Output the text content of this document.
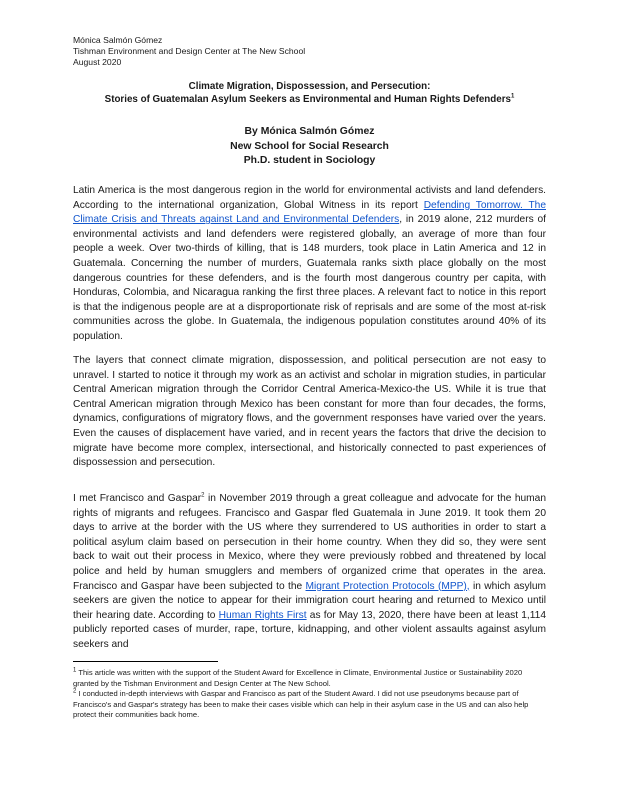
Mónica Salmón Gómez
Tishman Environment and Design Center at The New School
August 2020
Climate Migration, Dispossession, and Persecution:
Stories of Guatemalan Asylum Seekers as Environmental and Human Rights Defenders$^1$
By Mónica Salmón Gómez
New School for Social Research
Ph.D. student in Sociology

Latin America is the most dangerous region in the world for environmental activists and land defenders. According to the international organization, Global Witness in its report Defending Tomorrow. The Climate Crisis and Threats against Land and Environmental Defenders, in 2019 alone, 212 murders of environmental activists and land defenders were registered globally, an average of more than four people a week. Over two-thirds of killing, that is 148 murders, took place in Latin America and 12 in Guatemala. Concerning the number of murders, Guatemala ranks sixth place globally on the most dangerous countries for these defenders, and is the fourth most dangerous country per capita, with Honduras, Colombia, and Nicaragua ranking the first three places. A relevant fact to notice in this report is that the indigenous people are at a disproportionate risk of reprisals and are some of the most at-risk communities across the globe. In Guatemala, the indigenous population constitutes around 40% of its population.

The layers that connect climate migration, dispossession, and political persecution are not easy to unravel. I started to notice it through my work as an activist and scholar in migration studies, in particular Central American migration through the Corridor Central America-Mexico-the US. While it is true that Central American migration through Mexico has been constant for more than four decades, the forms, dynamics, configurations of migratory flows, and the government responses have varied over the years. Even the causes of displacement have varied, and in recent years the factors that drive the decision to migrate have become more complex, intersectional, and historically connected to past experiences of dispossession and persecution.

I met Francisco and Gaspar$^2$ in November 2019 through a great colleague and advocate for the human rights of migrants and refugees. Francisco and Gaspar fled Guatemala in June 2019. It took them 20 days to arrive at the border with the US where they surrendered to US authorities in order to start a political asylum claim based on persecution in their home country. When they did so, they were sent back to wait out their process in Mexico, where they were previously robbed and threatened by local police and held by human smugglers and members of organized crime that operates in the area. Francisco and Gaspar have been subjected to the Migrant Protection Protocols (MPP), in which asylum seekers are given the notice to appear for their immigration court hearing and returned to Mexico until their hearing date. According to Human Rights First as for May 13, 2020, there have been at least 1,114 publicly reported cases of murder, rape, torture, kidnapping, and other violent assaults against asylum seekers and

$^1$ This article was written with the support of the Student Award for Excellence in Climate, Environmental Justice or Sustainability 2020 granted by the Tishman Environment and Design Center at The New School.

$^2$ I conducted in-depth interviews with Gaspar and Francisco as part of the Student Award. I did not use pseudonyms because part of Francisco's and Gaspar's strategy has been to make their cases visible which can help in their asylum case in the US and can also help protect their communities back home.
